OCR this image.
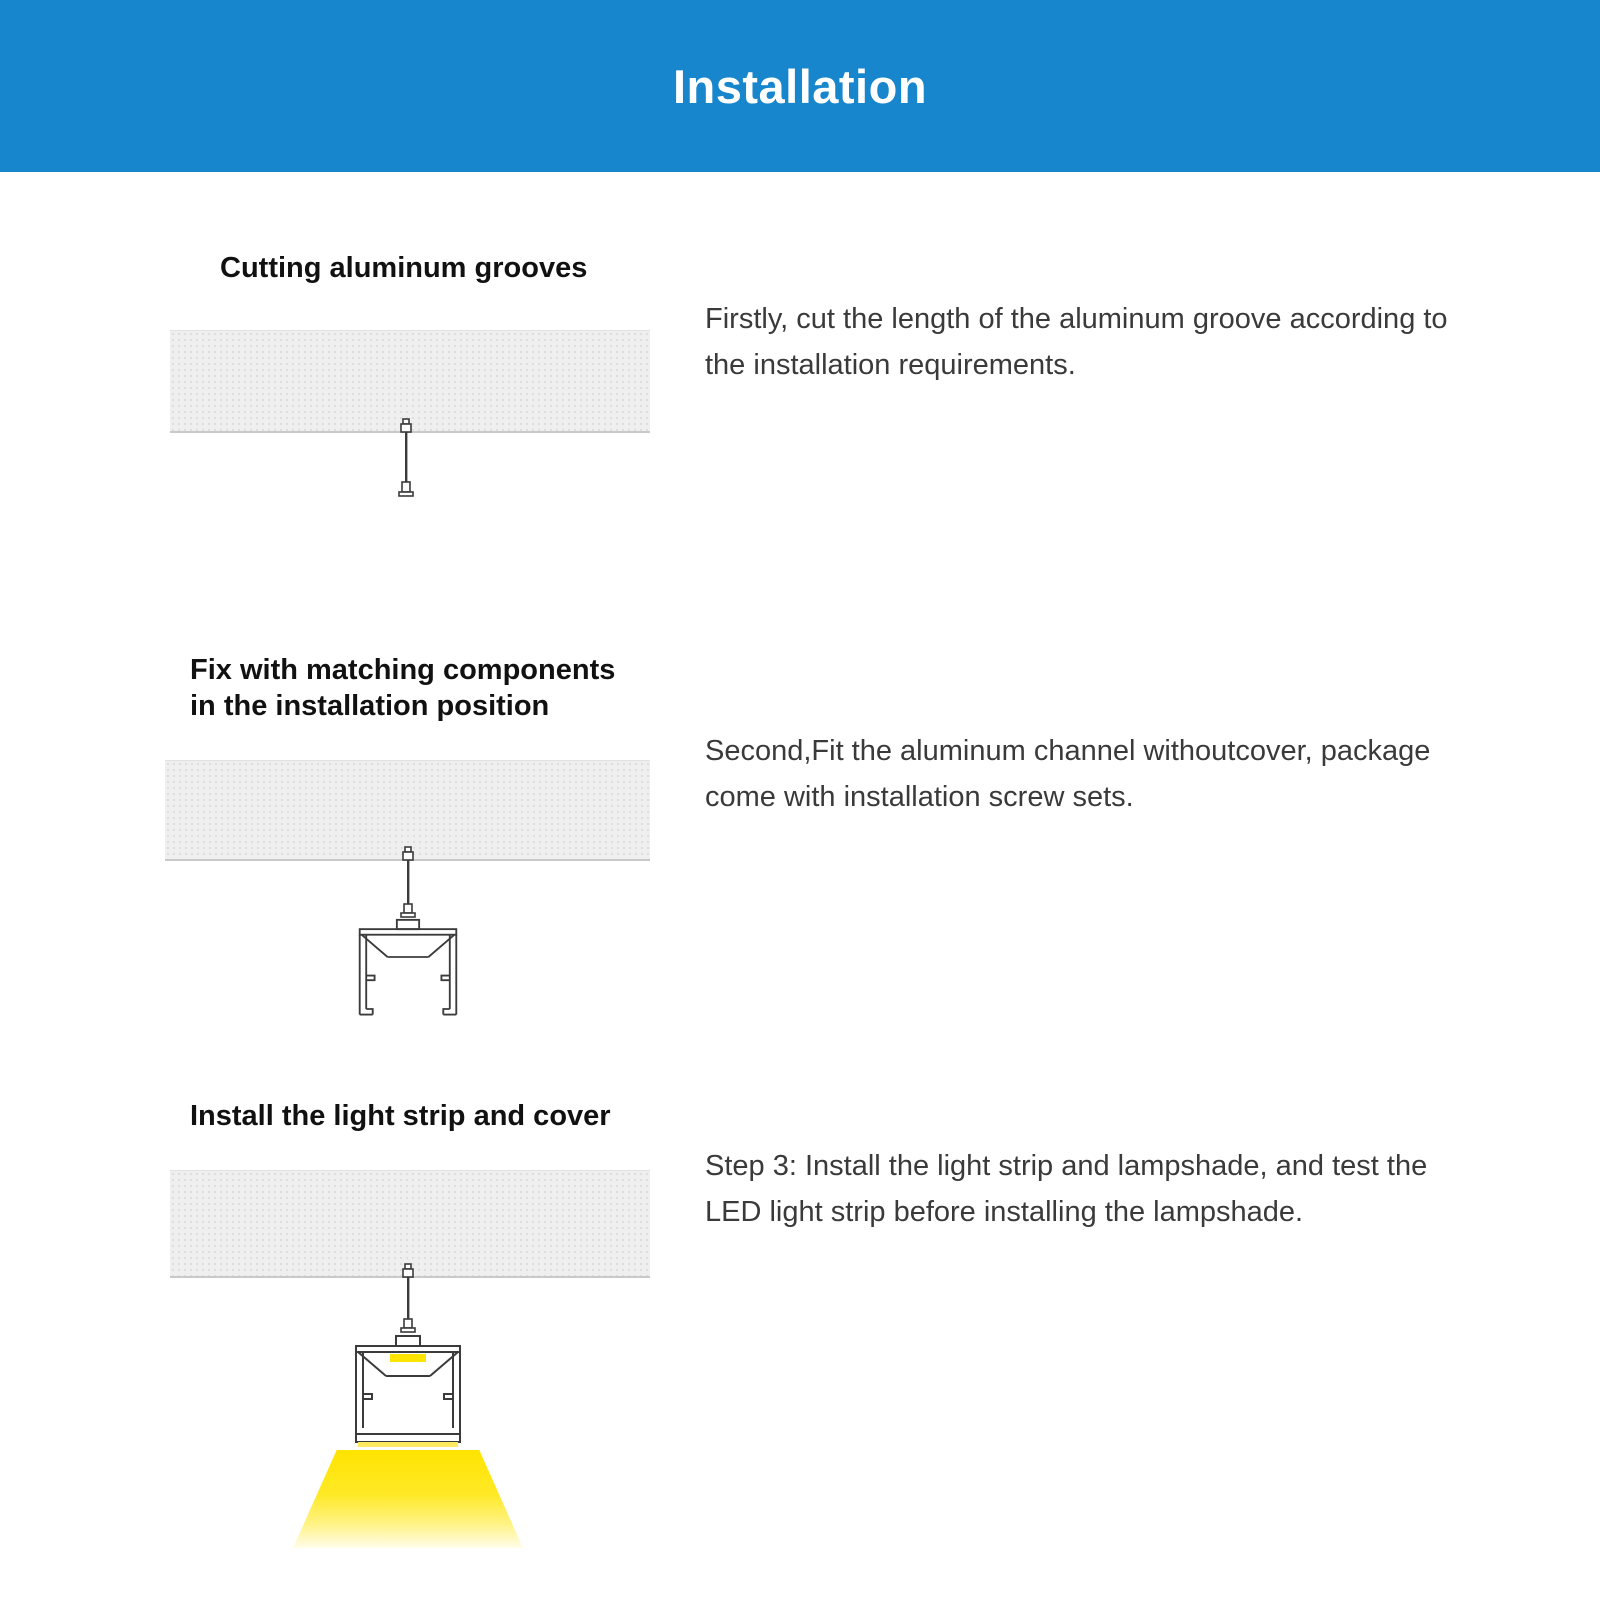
Installation
Cutting aluminum grooves
Firstly, cut the length of the aluminum groove according to the installation requirements.
Fix with matching components
in the installation position
Second,Fit the aluminum channel withoutcover, package come with installation screw sets.
Install the light strip and cover
Step 3: Install the light strip and lampshade, and test the LED light strip before installing the lampshade.
